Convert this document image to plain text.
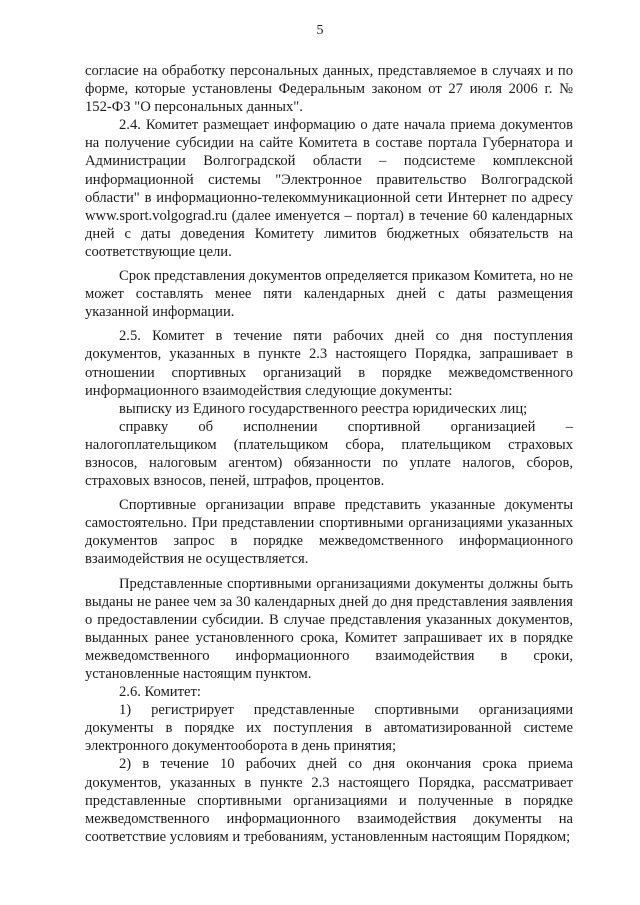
5

согласие на обработку персональных данных, представляемое в случаях и по форме, которые установлены Федеральным законом от 27 июля 2006 г. № 152-ФЗ "О персональных данных".

2.4. Комитет размещает информацию о дате начала приема документов на получение субсидии на сайте Комитета в составе портала Губернатора и Администрации Волгоградской области – подсистеме комплексной информационной системы "Электронное правительство Волгоградской области" в информационно-телекоммуникационной сети Интернет по адресу www.sport.volgograd.ru (далее именуется – портал) в течение 60 календарных дней с даты доведения Комитету лимитов бюджетных обязательств на соответствующие цели.

Срок представления документов определяется приказом Комитета, но не может составлять менее пяти календарных дней с даты размещения указанной информации.

2.5. Комитет в течение пяти рабочих дней со дня поступления документов, указанных в пункте 2.3 настоящего Порядка, запрашивает в отношении спортивных организаций в порядке межведомственного информационного взаимодействия следующие документы:

выписку из Единого государственного реестра юридических лиц;

справку об исполнении спортивной организацией – налогоплательщиком (плательщиком сбора, плательщиком страховых взносов, налоговым агентом) обязанности по уплате налогов, сборов, страховых взносов, пеней, штрафов, процентов.

Спортивные организации вправе представить указанные документы самостоятельно. При представлении спортивными организациями указанных документов запрос в порядке межведомственного информационного взаимодействия не осуществляется.

Представленные спортивными организациями документы должны быть выданы не ранее чем за 30 календарных дней до дня представления заявления о предоставлении субсидии. В случае представления указанных документов, выданных ранее установленного срока, Комитет запрашивает их в порядке межведомственного информационного взаимодействия в сроки, установленные настоящим пунктом.

2.6. Комитет:

1) регистрирует представленные спортивными организациями документы в порядке их поступления в автоматизированной системе электронного документооборота в день принятия;

2) в течение 10 рабочих дней со дня окончания срока приема документов, указанных в пункте 2.3 настоящего Порядка, рассматривает представленные спортивными организациями и полученные в порядке межведомственного информационного взаимодействия документы на соответствие условиям и требованиям, установленным настоящим Порядком;
